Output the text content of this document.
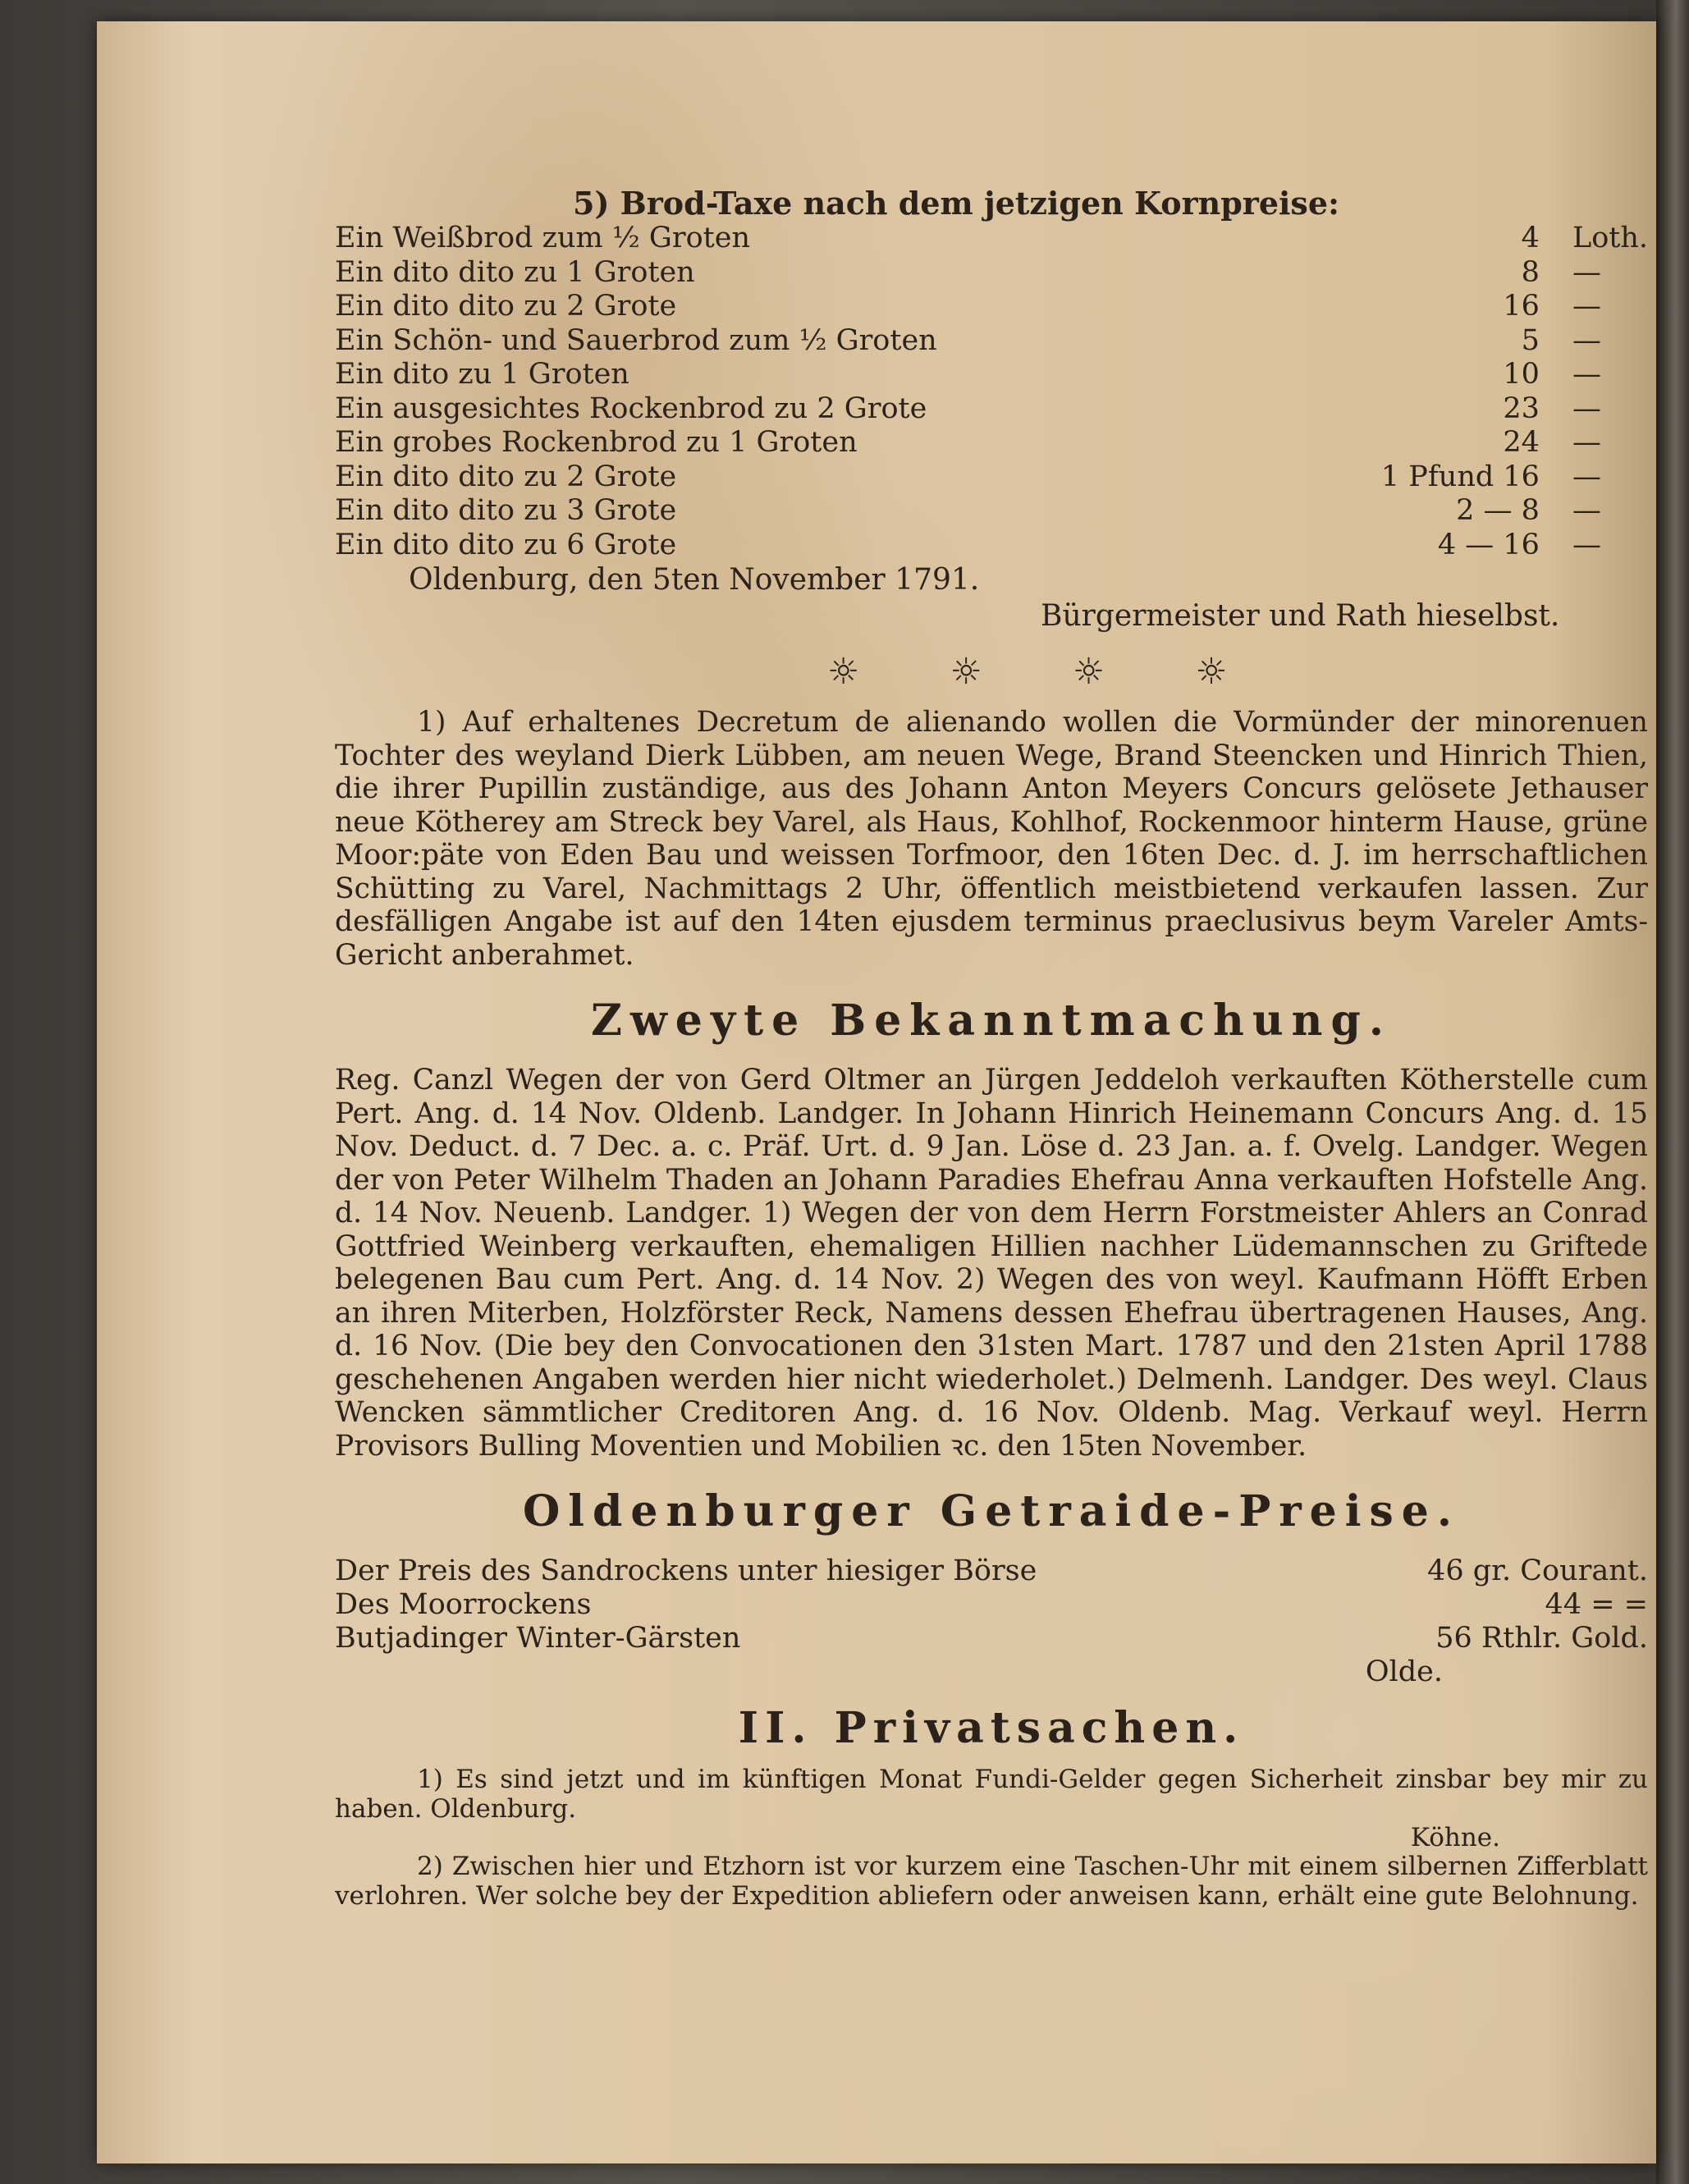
5) Brod-Taxe nach dem jetzigen Kornpreise:
Ein Weißbrod zum ½ Groten	4	Loth.
Ein dito dito zu 1 Groten	8	—
Ein dito dito zu 2 Grote	16	—
Ein Schön- und Sauerbrod zum ½ Groten	5	—
Ein dito zu 1 Groten	10	—
Ein ausgesichtes Rockenbrod zu 2 Grote	23	—
Ein grobes Rockenbrod zu 1 Groten	24	—
Ein dito dito zu 2 Grote	1 Pfund 16	—
Ein dito dito zu 3 Grote	2 — 8	—
Ein dito dito zu 6 Grote	4 — 16	—
Oldenburg, den 5ten November 1791.
Bürgermeister und Rath hieselbst.
☼☼☼☼
1) Auf erhaltenes Decretum de alienando wollen die Vormünder der minorenuen Tochter des weyland Dierk Lübben, am neuen Wege, Brand Steencken und Hinrich Thien, die ihrer Pupillin zuständige, aus des Johann Anton Meyers Concurs gelösete Jethauser neue Kötherey am Streck bey Varel, als Haus, Kohlhof, Rockenmoor hinterm Hause, grüne Moor:päte von Eden Bau und weissen Torfmoor, den 16ten Dec. d. J. im herrschaftlichen Schütting zu Varel, Nachmittags 2 Uhr, öffentlich meistbietend verkaufen lassen. Zur desfälligen Angabe ist auf den 14ten ejusdem terminus praeclusivus beym Vareler Amts-Gericht anberahmet.
Zweyte Bekanntmachung.
Reg. Canzl Wegen der von Gerd Oltmer an Jürgen Jeddeloh verkauften Kötherstelle cum Pert. Ang. d. 14 Nov. Oldenb. Landger. In Johann Hinrich Heinemann Concurs Ang. d. 15 Nov. Deduct. d. 7 Dec. a. c. Präf. Urt. d. 9 Jan. Löse d. 23 Jan. a. f. Ovelg. Landger. Wegen der von Peter Wilhelm Thaden an Johann Paradies Ehefrau Anna verkauften Hofstelle Ang. d. 14 Nov. Neuenb. Landger. 1) Wegen der von dem Herrn Forstmeister Ahlers an Conrad Gottfried Weinberg verkauften, ehemaligen Hillien nachher Lüdemannschen zu Griftede belegenen Bau cum Pert. Ang. d. 14 Nov. 2) Wegen des von weyl. Kaufmann Höfft Erben an ihren Miterben, Holzförster Reck, Namens dessen Ehefrau übertragenen Hauses, Ang. d. 16 Nov. (Die bey den Convocationen den 31sten Mart. 1787 und den 21sten April 1788 geschehenen Angaben werden hier nicht wiederholet.) Delmenh. Landger. Des weyl. Claus Wencken sämmtlicher Creditoren Ang. d. 16 Nov. Oldenb. Mag. Verkauf weyl. Herrn Provisors Bulling Moventien und Mobilien ꝛc. den 15ten November.
Oldenburger Getraide-Preise.
Der Preis des Sandrockens unter hiesiger Börse	46 gr. Courant.
Des Moorrockens	44 = =
Butjadinger Winter-Gärsten	56 Rthlr. Gold.
Olde.
II. Privatsachen.
1) Es sind jetzt und im künftigen Monat Fundi-Gelder gegen Sicherheit zinsbar bey mir zu haben. Oldenburg.
Köhne.
2) Zwischen hier und Etzhorn ist vor kurzem eine Taschen-Uhr mit einem silbernen Zifferblatt verlohren. Wer solche bey der Expedition abliefern oder anweisen kann, erhält eine gute Belohnung.
